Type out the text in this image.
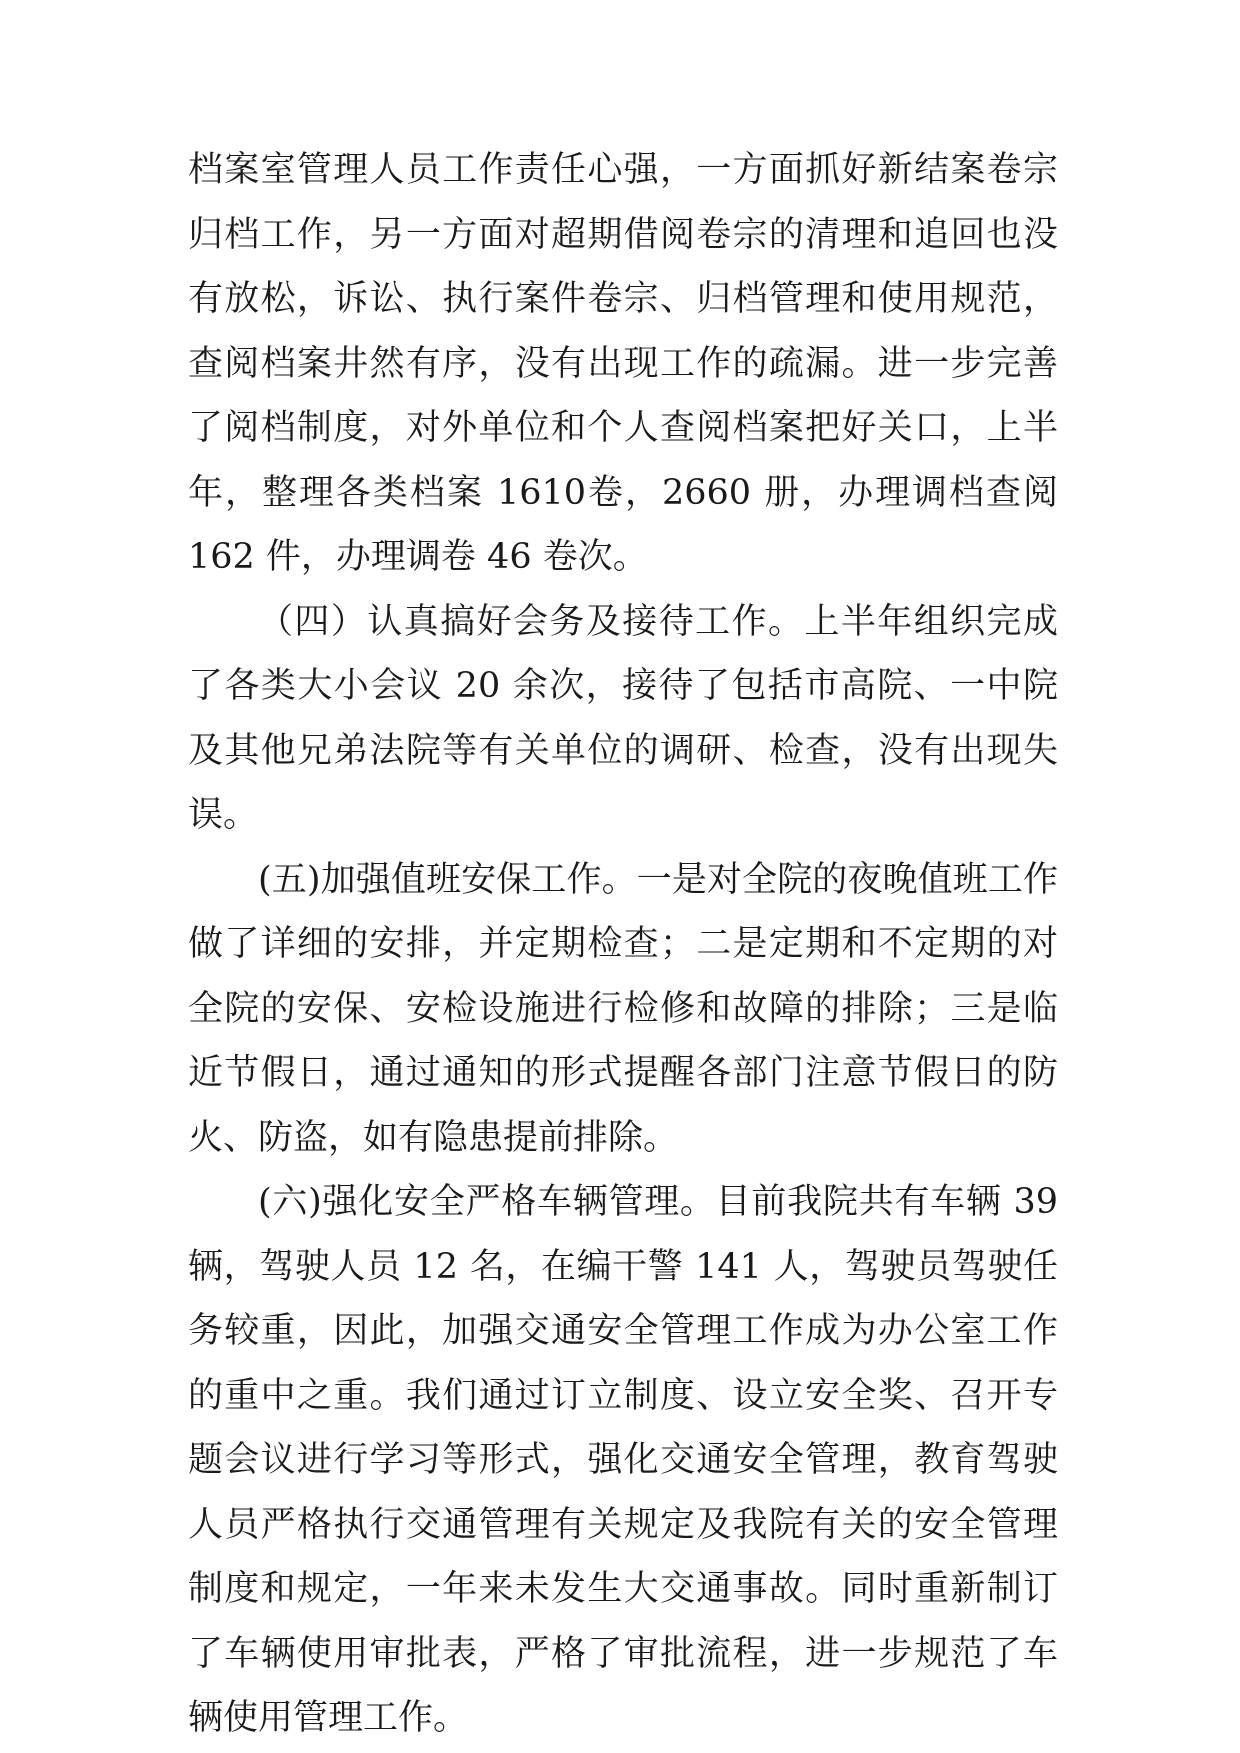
档案室管理人员工作责任心强，一方面抓好新结案卷宗归档工作，另一方面对超期借阅卷宗的清理和追回也没有放松，诉讼、执行案件卷宗、归档管理和使用规范，查阅档案井然有序，没有出现工作的疏漏。进一步完善了阅档制度，对外单位和个人查阅档案把好关口，上半年，整理各类档案 1610卷，2660 册，办理调档查阅 162 件，办理调卷 46 卷次。

（四）认真搞好会务及接待工作。上半年组织完成了各类大小会议 20 余次，接待了包括市高院、一中院及其他兄弟法院等有关单位的调研、检查，没有出现失误。

(五)加强值班安保工作。一是对全院的夜晚值班工作做了详细的安排，并定期检查；二是定期和不定期的对全院的安保、安检设施进行检修和故障的排除；三是临近节假日，通过通知的形式提醒各部门注意节假日的防火、防盗，如有隐患提前排除。

(六)强化安全严格车辆管理。目前我院共有车辆 39 辆，驾驶人员 12 名，在编干警 141 人，驾驶员驾驶任务较重，因此，加强交通安全管理工作成为办公室工作的重中之重。我们通过订立制度、设立安全奖、召开专题会议进行学习等形式，强化交通安全管理，教育驾驶人员严格执行交通管理有关规定及我院有关的安全管理制度和规定，一年来未发生大交通事故。同时重新制订了车辆使用审批表，严格了审批流程，进一步规范了车辆使用管理工作。
